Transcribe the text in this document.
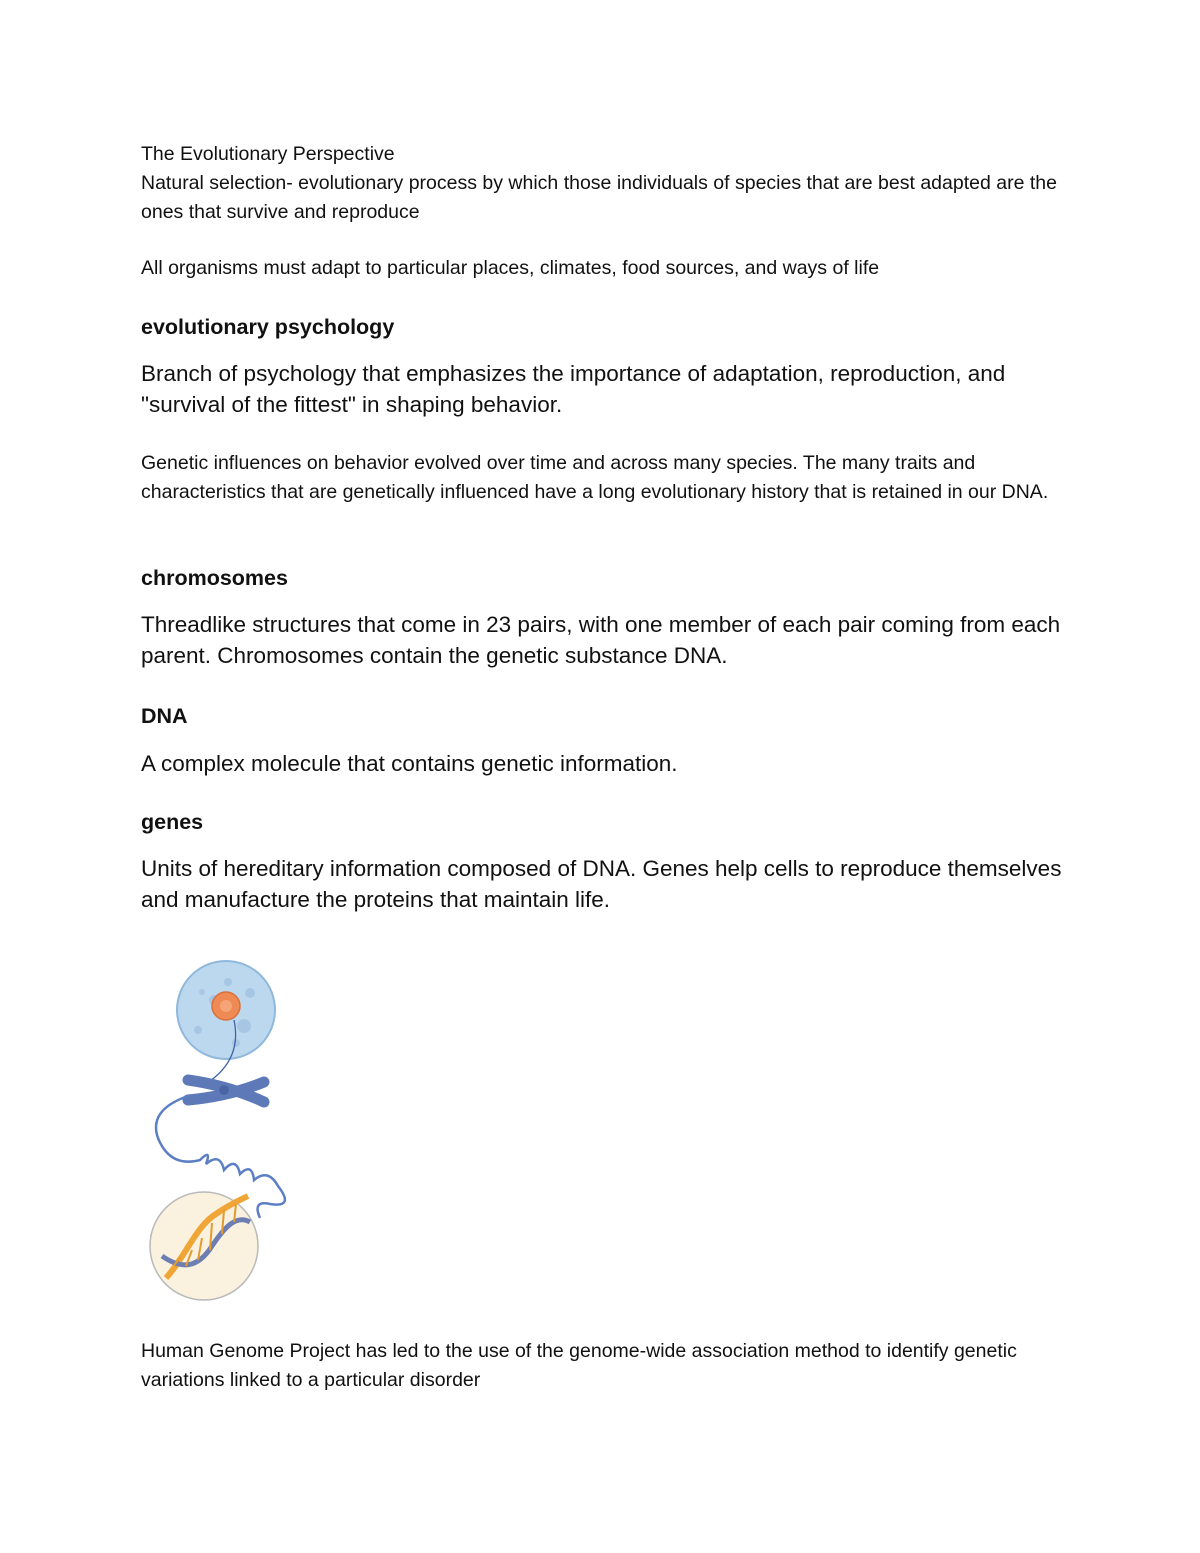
The Evolutionary Perspective

Natural selection- evolutionary process by which those individuals of species that are best adapted are the ones that survive and reproduce

All organisms must adapt to particular places, climates, food sources, and ways of life

evolutionary psychology

Branch of psychology that emphasizes the importance of adaptation, reproduction, and "survival of the fittest" in shaping behavior.

Genetic influences on behavior evolved over time and across many species. The many traits and characteristics that are genetically influenced have a long evolutionary history that is retained in our DNA.

chromosomes

Threadlike structures that come in 23 pairs, with one member of each pair coming from each parent. Chromosomes contain the genetic substance DNA.

DNA

A complex molecule that contains genetic information.

genes

Units of hereditary information composed of DNA. Genes help cells to reproduce themselves and manufacture the proteins that maintain life.

Human Genome Project has led to the use of the genome-wide association method to identify genetic variations linked to a particular disorder
